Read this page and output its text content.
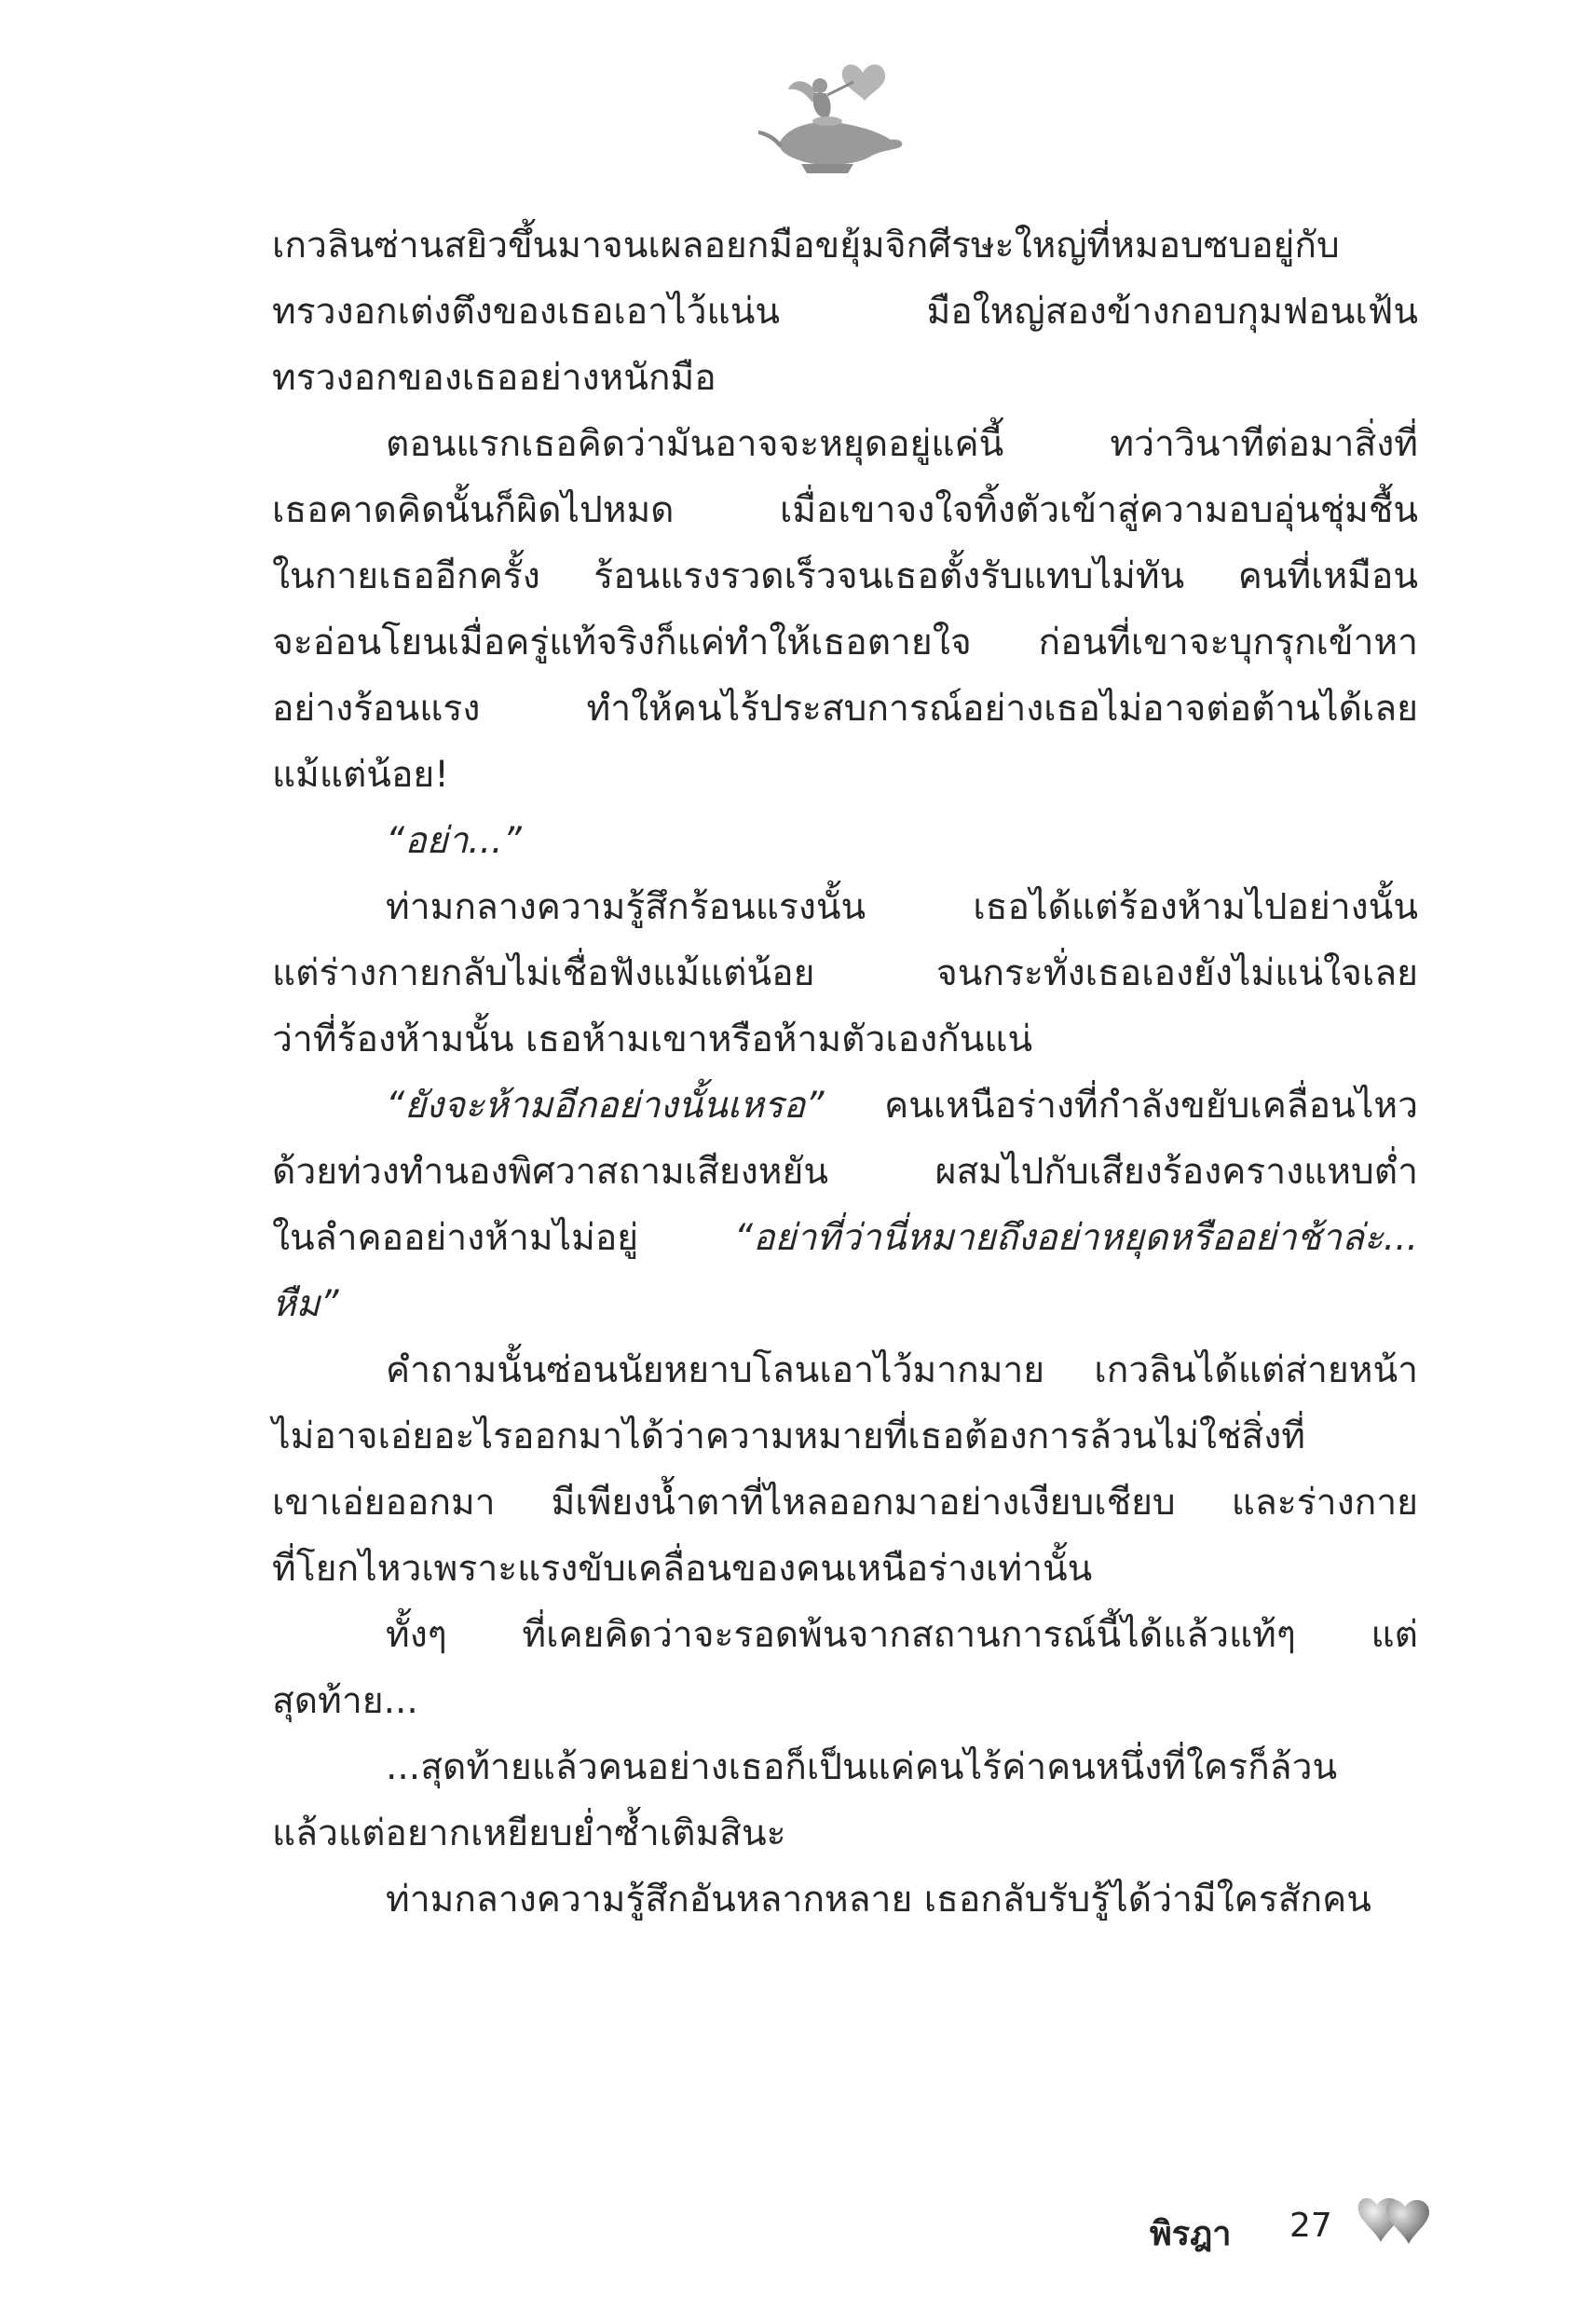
เกวลินซ่านสยิวขึ้นมาจนเผลอยกมือขยุ้มจิกศีรษะใหญ่ที่หมอบซบอยู่กับ
ทรวงอกเต่งตึงของเธอเอาไว้แน่น มือใหญ่สองข้างกอบกุมฟอนเฟ้น
ทรวงอกของเธออย่างหนักมือ
ตอนแรกเธอคิดว่ามันอาจจะหยุดอยู่แค่นี้ ทว่าวินาทีต่อมาสิ่งที่
เธอคาดคิดนั้นก็ผิดไปหมด เมื่อเขาจงใจทิ้งตัวเข้าสู่ความอบอุ่นชุ่มชื้น
ในกายเธออีกครั้ง ร้อนแรงรวดเร็วจนเธอตั้งรับแทบไม่ทัน คนที่เหมือน
จะอ่อนโยนเมื่อครู่แท้จริงก็แค่ทำให้เธอตายใจ ก่อนที่เขาจะบุกรุกเข้าหา
อย่างร้อนแรง ทำให้คนไร้ประสบการณ์อย่างเธอไม่อาจต่อต้านได้เลย
แม้แต่น้อย!
“อย่า...”
ท่ามกลางความรู้สึกร้อนแรงนั้น เธอได้แต่ร้องห้ามไปอย่างนั้น
แต่ร่างกายกลับไม่เชื่อฟังแม้แต่น้อย จนกระทั่งเธอเองยังไม่แน่ใจเลย
ว่าที่ร้องห้ามนั้น เธอห้ามเขาหรือห้ามตัวเองกันแน่
“ยังจะห้ามอีกอย่างนั้นเหรอ” คนเหนือร่างที่กำลังขยับเคลื่อนไหว
ด้วยท่วงทำนองพิศวาสถามเสียงหยัน ผสมไปกับเสียงร้องครางแหบต่ำ
ในลำคออย่างห้ามไม่อยู่ “อย่าที่ว่านี่หมายถึงอย่าหยุดหรืออย่าช้าล่ะ...
หืม”
คำถามนั้นซ่อนนัยหยาบโลนเอาไว้มากมาย เกวลินได้แต่ส่ายหน้า
ไม่อาจเอ่ยอะไรออกมาได้ว่าความหมายที่เธอต้องการล้วนไม่ใช่สิ่งที่
เขาเอ่ยออกมา มีเพียงน้ำตาที่ไหลออกมาอย่างเงียบเชียบ และร่างกาย
ที่โยกไหวเพราะแรงขับเคลื่อนของคนเหนือร่างเท่านั้น
ทั้งๆ ที่เคยคิดว่าจะรอดพ้นจากสถานการณ์นี้ได้แล้วแท้ๆ แต่
สุดท้าย...
...สุดท้ายแล้วคนอย่างเธอก็เป็นแค่คนไร้ค่าคนหนึ่งที่ใครก็ล้วน
แล้วแต่อยากเหยียบย่ำซ้ำเติมสินะ
ท่ามกลางความรู้สึกอันหลากหลาย เธอกลับรับรู้ได้ว่ามีใครสักคน
พิรฎา 27
